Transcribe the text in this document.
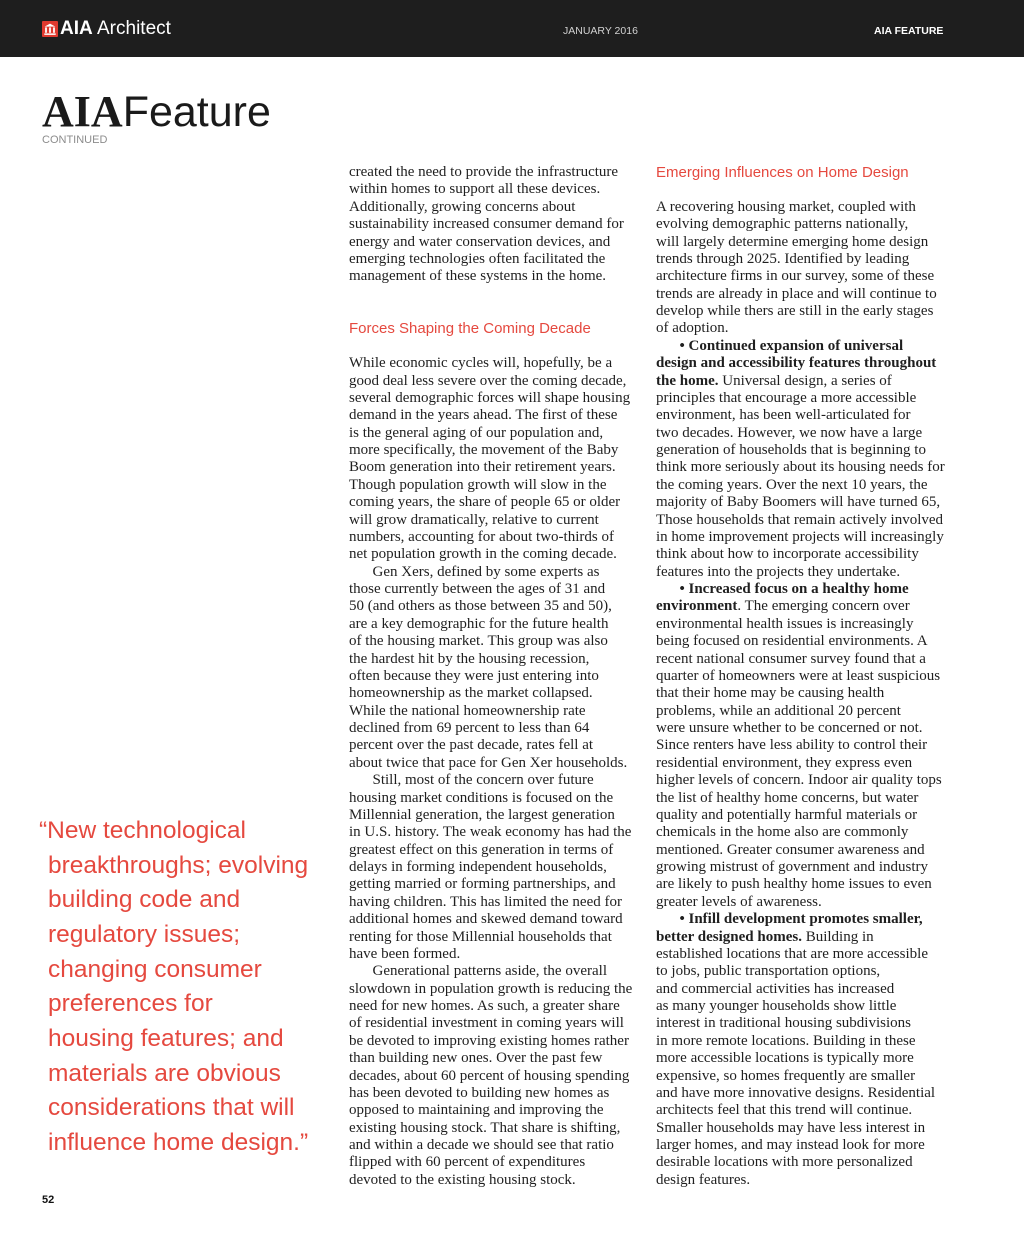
AIA Architect	JANUARY 2016	AIA FEATURE
AIAFeature
CONTINUED
“New technological
breakthroughs; evolving
building code and
regulatory issues;
changing consumer
preferences for
housing features; and
materials are obvious
considerations that will
influence home design.”
created the need to provide the infrastructure
within homes to support all these devices.
Additionally, growing concerns about
sustainability increased consumer demand for
energy and water conservation devices, and
emerging technologies often facilitated the
management of these systems in the home.
Forces Shaping the Coming Decade
While economic cycles will, hopefully, be a
good deal less severe over the coming decade,
several demographic forces will shape housing
demand in the years ahead. The first of these
is the general aging of our population and,
more specifically, the movement of the Baby
Boom generation into their retirement years.
Though population growth will slow in the
coming years, the share of people 65 or older
will grow dramatically, relative to current
numbers, accounting for about two-thirds of
net population growth in the coming decade.
Gen Xers, defined by some experts as
those currently between the ages of 31 and
50 (and others as those between 35 and 50),
are a key demographic for the future health
of the housing market. This group was also
the hardest hit by the housing recession,
often because they were just entering into
homeownership as the market collapsed.
While the national homeownership rate
declined from 69 percent to less than 64
percent over the past decade, rates fell at
about twice that pace for Gen Xer households.
Still, most of the concern over future
housing market conditions is focused on the
Millennial generation, the largest generation
in U.S. history. The weak economy has had the
greatest effect on this generation in terms of
delays in forming independent households,
getting married or forming partnerships, and
having children. This has limited the need for
additional homes and skewed demand toward
renting for those Millennial households that
have been formed.
Generational patterns aside, the overall
slowdown in population growth is reducing the
need for new homes. As such, a greater share
of residential investment in coming years will
be devoted to improving existing homes rather
than building new ones. Over the past few
decades, about 60 percent of housing spending
has been devoted to building new homes as
opposed to maintaining and improving the
existing housing stock. That share is shifting,
and within a decade we should see that ratio
flipped with 60 percent of expenditures
devoted to the existing housing stock.
Emerging Influences on Home Design
A recovering housing market, coupled with
evolving demographic patterns nationally,
will largely determine emerging home design
trends through 2025. Identified by leading
architecture firms in our survey, some of these
trends are already in place and will continue to
develop while thers are still in the early stages
of adoption.
• Continued expansion of universal
design and accessibility features throughout
the home. Universal design, a series of
principles that encourage a more accessible
environment, has been well-articulated for
two decades. However, we now have a large
generation of households that is beginning to
think more seriously about its housing needs for
the coming years. Over the next 10 years, the
majority of Baby Boomers will have turned 65,
Those households that remain actively involved
in home improvement projects will increasingly
think about how to incorporate accessibility
features into the projects they undertake.
• Increased focus on a healthy home
environment. The emerging concern over
environmental health issues is increasingly
being focused on residential environments. A
recent national consumer survey found that a
quarter of homeowners were at least suspicious
that their home may be causing health
problems, while an additional 20 percent
were unsure whether to be concerned or not.
Since renters have less ability to control their
residential environment, they express even
higher levels of concern. Indoor air quality tops
the list of healthy home concerns, but water
quality and potentially harmful materials or
chemicals in the home also are commonly
mentioned. Greater consumer awareness and
growing mistrust of government and industry
are likely to push healthy home issues to even
greater levels of awareness.
• Infill development promotes smaller,
better designed homes. Building in
established locations that are more accessible
to jobs, public transportation options,
and commercial activities has increased
as many younger households show little
interest in traditional housing subdivisions
in more remote locations. Building in these
more accessible locations is typically more
expensive, so homes frequently are smaller
and have more innovative designs. Residential
architects feel that this trend will continue.
Smaller households may have less interest in
larger homes, and may instead look for more
desirable locations with more personalized
design features.
52
